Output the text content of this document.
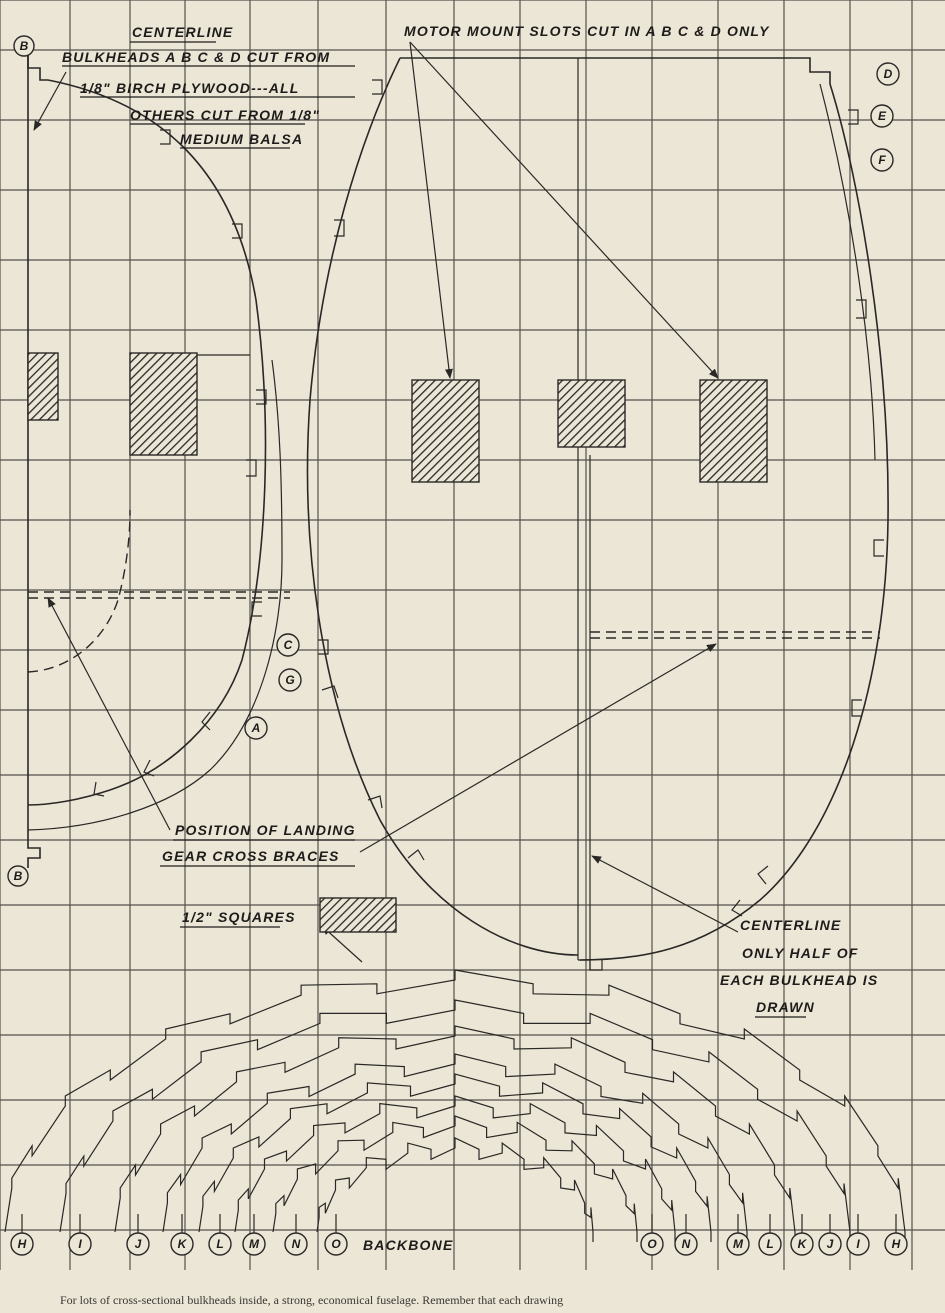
CENTERLINE
BULKHEADS A B C & D CUT FROM
1/8" BIRCH PLYWOOD---ALL
OTHERS CUT FROM 1/8"
MEDIUM BALSA
MOTOR MOUNT SLOTS CUT IN A B C & D ONLY
POSITION OF LANDING
GEAR CROSS BRACES
1/2" SQUARES	CENTERLINE
ONLY HALF OF
EACH BULKHEAD IS
DRAWN
BACKBONE
B
D
E
F
C
G
A
B
H	I	J	K L M	N	O	O N	M L K J I	H
For lots of cross-sectional bulkheads inside, a strong, economical fuselage. Remember that each drawing
